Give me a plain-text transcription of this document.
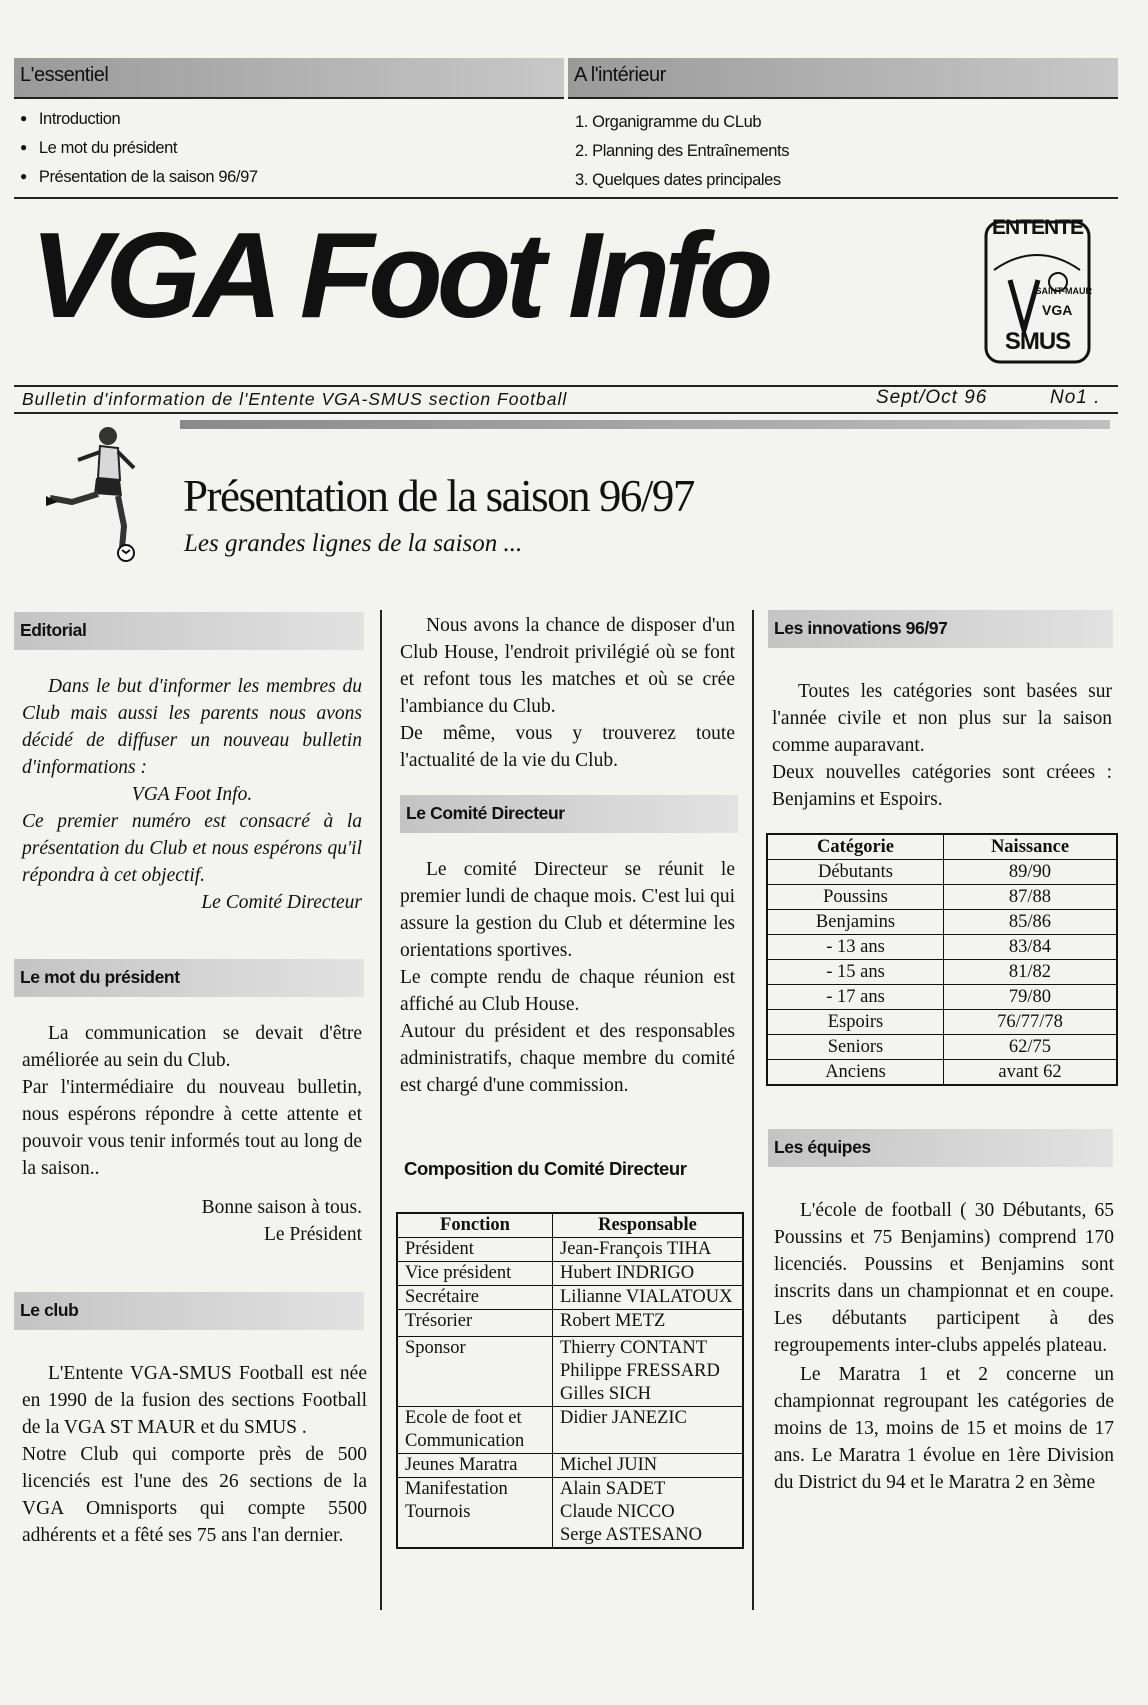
L'essentiel	A l'intérieur
● Introduction
● Le mot du président
● Présentation de la saison 96/97
1. Organigramme du CLub
2. Planning des Entraînements
3. Quelques dates principales
VGA Foot Info	ENTENTE
SAINT-MAUR
VGA
SMUS
Bulletin d'information de l'Entente VGA-SMUS section Football	Sept/Oct 96	No1 .
Présentation de la saison 96/97
Les grandes lignes de la saison ...
Editorial
Dans le but d'informer les membres du Club mais aussi les parents nous avons décidé de diffuser un nouveau bulletin d'informations :
VGA Foot Info.
Ce premier numéro est consacré à la présentation du Club et nous espérons qu'il répondra à cet objectif.
Le Comité Directeur
Le mot du président
La communication se devait d'être améliorée au sein du Club.
Par l'intermédiaire du nouveau bulletin, nous espérons répondre à cette attente et pouvoir vous tenir informés tout au long de la saison..
Bonne saison à tous.
Le Président
Le club
L'Entente VGA-SMUS Football est née en 1990 de la fusion des sections Football de la VGA ST MAUR et du SMUS .
Notre Club qui comporte près de 500 licenciés est l'une des 26 sections de la VGA Omnisports qui compte 5500 adhérents et a fêté ses 75 ans l'an dernier.
Nous avons la chance de disposer d'un Club House, l'endroit privilégié où se font et refont tous les matches et où se crée l'ambiance du Club.
De même, vous y trouverez toute l'actualité de la vie du Club.
Le Comité Directeur
Le comité Directeur se réunit le premier lundi de chaque mois. C'est lui qui assure la gestion du Club et détermine les orientations sportives.
Le compte rendu de chaque réunion est affiché au Club House.
Autour du président et des responsables administratifs, chaque membre du comité est chargé d'une commission.
Composition du Comité Directeur
Fonction	Responsable
Président	Jean-François TIHA
Vice président	Hubert INDRIGO
Secrétaire	Lilianne VIALATOUX
Trésorier	Robert METZ
Sponsor	Thierry CONTANT
Philippe FRESSARD
Gilles SICH
Ecole de foot et
Communication	Didier JANEZIC
Jeunes Maratra	Michel JUIN
Manifestation
Tournois	Alain SADET
Claude NICCO
Serge ASTESANO
Les innovations 96/97
Toutes les catégories sont basées sur l'année civile et non plus sur la saison comme auparavant.
Deux nouvelles catégories sont créees : Benjamins et Espoirs.
Catégorie	Naissance
Débutants	89/90
Poussins	87/88
Benjamins	85/86
- 13 ans	83/84
- 15 ans	81/82
- 17 ans	79/80
Espoirs	76/77/78
Seniors	62/75
Anciens	avant 62
Les équipes
L'école de football ( 30 Débutants, 65 Poussins et 75 Benjamins) comprend 170 licenciés. Poussins et Benjamins sont inscrits dans un championnat et en coupe. Les débutants participent à des regroupements inter-clubs appelés plateau.
Le Maratra 1 et 2 concerne un championnat regroupant les catégories de moins de 13, moins de 15 et moins de 17 ans. Le Maratra 1 évolue en 1ère Division du District du 94 et le Maratra 2 en 3ème
